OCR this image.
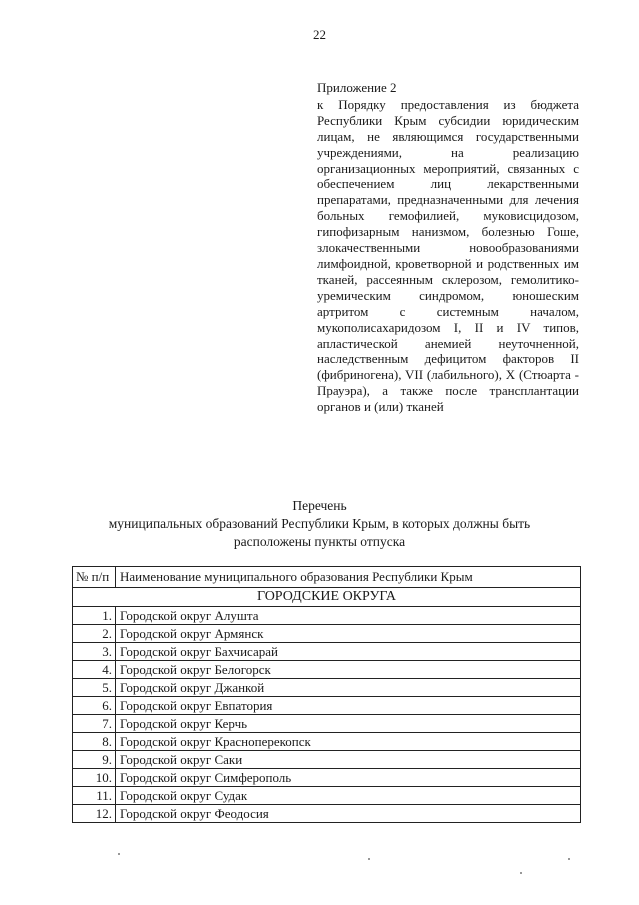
22

Приложение 2

к Порядку предоставления из бюджета Республики Крым субсидии юридическим лицам, не являющимся государственными учреждениями, на реализацию организационных мероприятий, связанных с обеспечением лиц лекарственными препаратами, предназначенными для лечения больных гемофилией, муковисцидозом, гипофизарным нанизмом, болезнью Гоше, злокачественными новообразованиями лимфоидной, кроветворной и родственных им тканей, рассеянным склерозом, гемолитико-уремическим синдромом, юношеским артритом с системным началом, мукополисахаридозом I, II и IV типов, апластической анемией неуточненной, наследственным дефицитом факторов II (фибриногена), VII (лабильного), X (Стюарта - Прауэра), а также после трансплантации органов и (или) тканей

Перечень
муниципальных образований Республики Крым, в которых должны быть расположены пункты отпуска
№ п/п	Наименование муниципального образования Республики Крым
ГОРОДСКИЕ ОКРУГА	
1.	Городской округ Алушта
2.	Городской округ Армянск
3.	Городской округ Бахчисарай
4.	Городской округ Белогорск
5.	Городской округ Джанкой
6.	Городской округ Евпатория
7.	Городской округ Керчь
8.	Городской округ Красноперекопск
9.	Городской округ Саки
10.	Городской округ Симферополь
11.	Городской округ Судак
12.	Городской округ Феодосия
